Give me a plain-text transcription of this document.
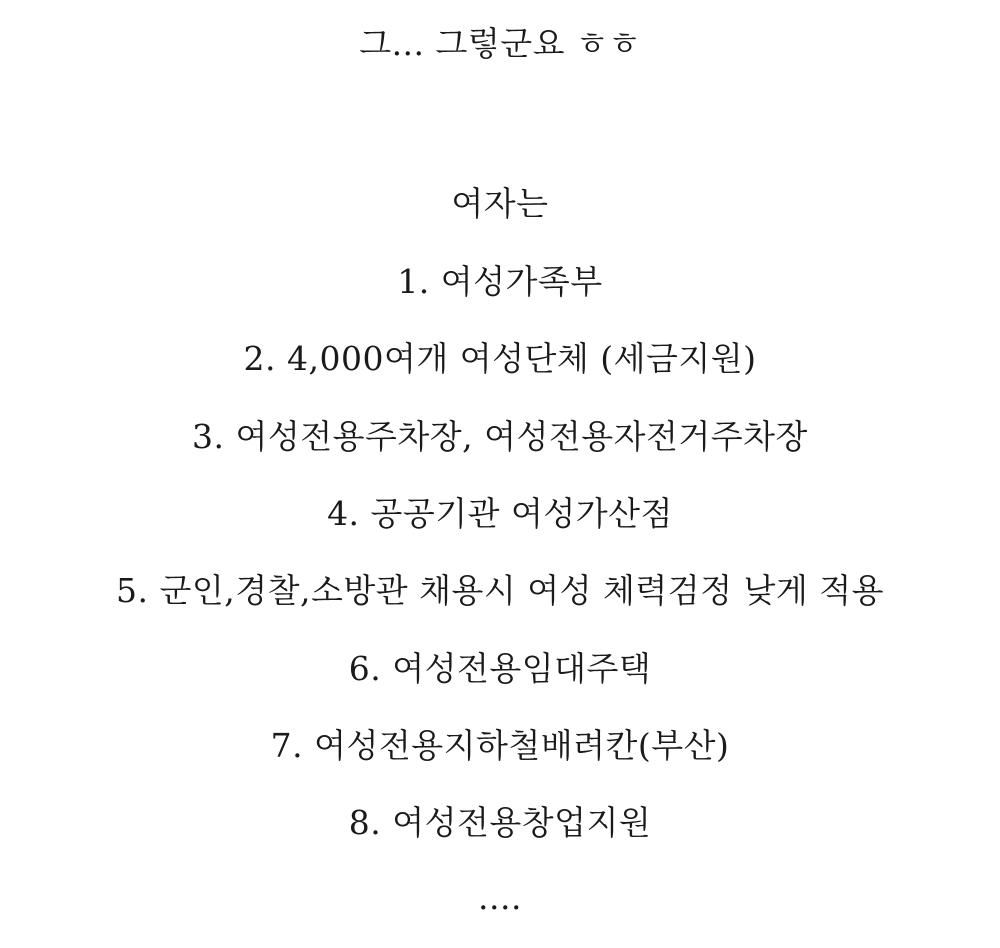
그... 그렇군요 ㅎㅎ
여자는
1. 여성가족부
2. 4,000여개 여성단체 (세금지원)
3. 여성전용주차장, 여성전용자전거주차장
4. 공공기관 여성가산점
5. 군인,경찰,소방관 채용시 여성 체력검정 낮게 적용
6. 여성전용임대주택
7. 여성전용지하철배려칸(부산)
8. 여성전용창업지원
....
